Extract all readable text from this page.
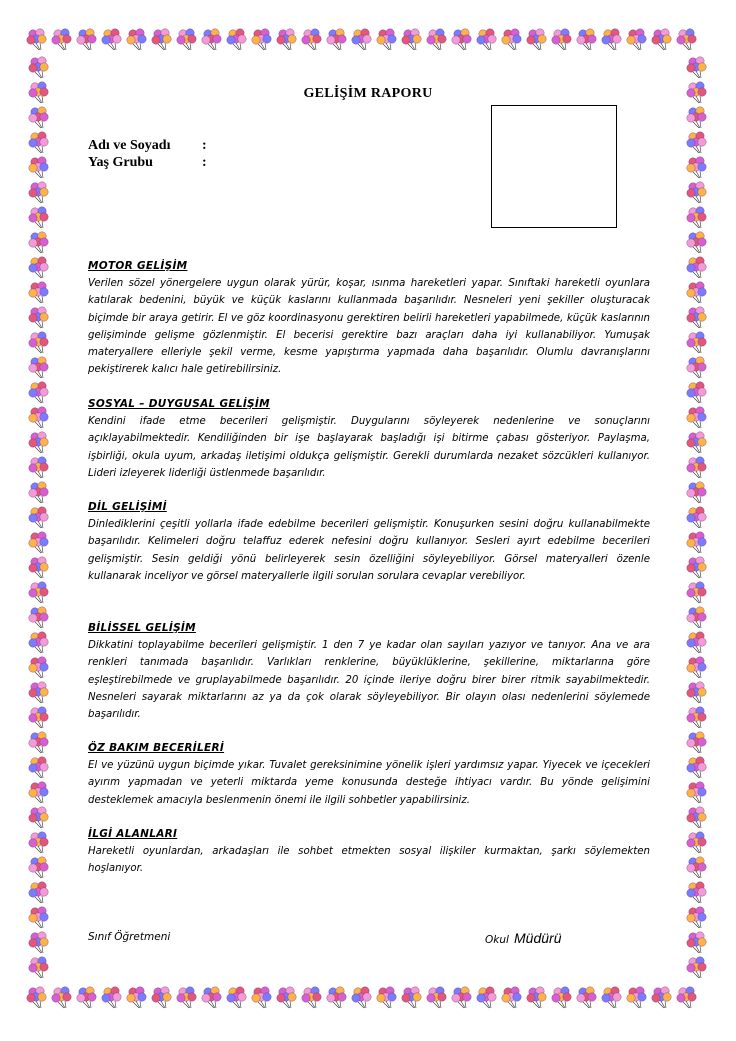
GELİŞİM RAPORU
Adı ve Soyadı :
Yaş Grubu	:
MOTOR GELİŞİM
Verilen sözel yönergelere uygun olarak yürür, koşar, ısınma hareketleri yapar. Sınıftaki hareketli oyunlara katılarak bedenini, büyük ve küçük kaslarını kullanmada başarılıdır. Nesneleri yeni şekiller oluşturacak biçimde bir araya getirir. El ve göz koordinasyonu gerektiren belirli hareketleri yapabilmede, küçük kaslarının gelişiminde gelişme gözlenmiştir. El becerisi gerektire bazı araçları daha iyi kullanabiliyor. Yumuşak materyallere elleriyle şekil verme, kesme yapıştırma yapmada daha başarılıdır. Olumlu davranışlarını pekiştirerek kalıcı hale getirebilirsiniz.
SOSYAL – DUYGUSAL GELİŞİM
Kendini ifade etme becerileri gelişmiştir. Duygularını söyleyerek nedenlerine ve sonuçlarını açıklayabilmektedir. Kendiliğinden bir işe başlayarak başladığı işi bitirme çabası gösteriyor. Paylaşma, işbirliği, okula uyum, arkadaş iletişimi oldukça gelişmiştir. Gerekli durumlarda nezaket sözcükleri kullanıyor. Lideri izleyerek liderliği üstlenmede başarılıdır.
DİL GELİŞİMİ
Dinlediklerini çeşitli yollarla ifade edebilme becerileri gelişmiştir. Konuşurken sesini doğru kullanabilmekte başarılıdır. Kelimeleri doğru telaffuz ederek nefesini doğru kullanıyor. Sesleri ayırt edebilme becerileri gelişmiştir. Sesin geldiği yönü belirleyerek sesin özelliğini söyleyebiliyor. Görsel materyalleri özenle kullanarak inceliyor ve görsel materyallerle ilgili sorulan sorulara cevaplar verebiliyor.
BİLİSSEL GELİŞİM
Dikkatini toplayabilme becerileri gelişmiştir. 1 den 7 ye kadar olan sayıları yazıyor ve tanıyor. Ana ve ara renkleri tanımada başarılıdır. Varlıkları renklerine, büyüklüklerine, şekillerine, miktarlarına göre eşleştirebilmede ve gruplayabilmede başarılıdır. 20 içinde ileriye doğru birer birer ritmik sayabilmektedir. Nesneleri sayarak miktarlarını az ya da çok olarak söyleyebiliyor. Bir olayın olası nedenlerini söylemede başarılıdır.
ÖZ BAKIM BECERİLERİ
El ve yüzünü uygun biçimde yıkar. Tuvalet gereksinimine yönelik işleri yardımsız yapar. Yiyecek ve içecekleri ayırım yapmadan ve yeterli miktarda yeme konusunda desteğe ihtiyacı vardır. Bu yönde gelişimini desteklemek amacıyla beslenmenin önemi ile ilgili sohbetler yapabilirsiniz.
İLGİ ALANLARI
Hareketli oyunlardan, arkadaşları ile sohbet etmekten sosyal ilişkiler kurmaktan, şarkı söylemekten hoşlanıyor.
Sınıf Öğretmeni	Okul Müdürü
